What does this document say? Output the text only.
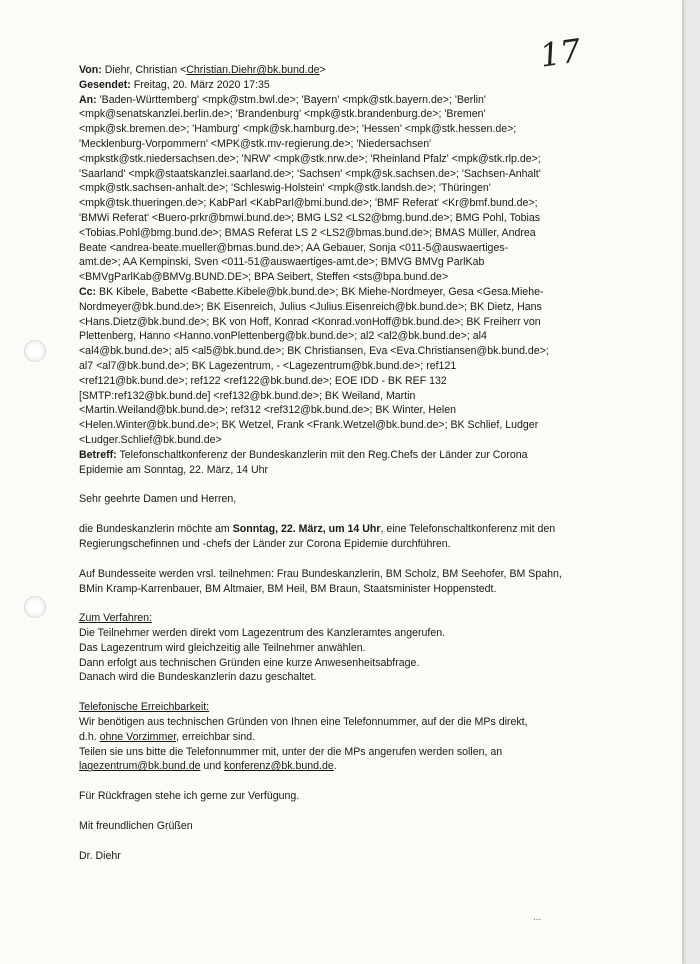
17
Von: Diehr, Christian <Christian.Diehr@bk.bund.de>
Gesendet: Freitag, 20. März 2020 17:35
An: 'Baden-Württemberg' <mpk@stm.bwl.de>; 'Bayern' <mpk@stk.bayern.de>; 'Berlin'
<mpk@senatskanzlei.berlin.de>; 'Brandenburg' <mpk@stk.brandenburg.de>; 'Bremen'
<mpk@sk.bremen.de>; 'Hamburg' <mpk@sk.hamburg.de>; 'Hessen' <mpk@stk.hessen.de>;
'Mecklenburg-Vorpommern' <MPK@stk.mv-regierung.de>; 'Niedersachsen'
<mpkstk@stk.niedersachsen.de>; 'NRW' <mpk@stk.nrw.de>; 'Rheinland Pfalz' <mpk@stk.rlp.de>;
'Saarland' <mpk@staatskanzlei.saarland.de>; 'Sachsen' <mpk@sk.sachsen.de>; 'Sachsen-Anhalt'
<mpk@stk.sachsen-anhalt.de>; 'Schleswig-Holstein' <mpk@stk.landsh.de>; 'Thüringen'
<mpk@tsk.thueringen.de>; KabParl <KabParl@bmi.bund.de>; 'BMF Referat' <Kr@bmf.bund.de>;
'BMWi Referat' <Buero-prkr@bmwi.bund.de>; BMG LS2 <LS2@bmg.bund.de>; BMG Pohl, Tobias
<Tobias.Pohl@bmg.bund.de>; BMAS Referat LS 2 <LS2@bmas.bund.de>; BMAS Müller, Andrea
Beate <andrea-beate.mueller@bmas.bund.de>; AA Gebauer, Sonja <011-5@auswaertiges-
amt.de>; AA Kempinski, Sven <011-51@auswaertiges-amt.de>; BMVG BMVg ParlKab
<BMVgParlKab@BMVg.BUND.DE>; BPA Seibert, Steffen <sts@bpa.bund.de>
Cc: BK Kibele, Babette <Babette.Kibele@bk.bund.de>; BK Miehe-Nordmeyer, Gesa <Gesa.Miehe-
Nordmeyer@bk.bund.de>; BK Eisenreich, Julius <Julius.Eisenreich@bk.bund.de>; BK Dietz, Hans
<Hans.Dietz@bk.bund.de>; BK von Hoff, Konrad <Konrad.vonHoff@bk.bund.de>; BK Freiherr von
Plettenberg, Hanno <Hanno.vonPlettenberg@bk.bund.de>; al2 <al2@bk.bund.de>; al4
<al4@bk.bund.de>; al5 <al5@bk.bund.de>; BK Christiansen, Eva <Eva.Christiansen@bk.bund.de>;
al7 <al7@bk.bund.de>; BK Lagezentrum, - <Lagezentrum@bk.bund.de>; ref121
<ref121@bk.bund.de>; ref122 <ref122@bk.bund.de>; EOE IDD - BK REF 132
[SMTP:ref132@bk.bund.de] <ref132@bk.bund.de>; BK Weiland, Martin
<Martin.Weiland@bk.bund.de>; ref312 <ref312@bk.bund.de>; BK Winter, Helen
<Helen.Winter@bk.bund.de>; BK Wetzel, Frank <Frank.Wetzel@bk.bund.de>; BK Schlief, Ludger
<Ludger.Schlief@bk.bund.de>
Betreff: Telefonschaltkonferenz der Bundeskanzlerin mit den Reg.Chefs der Länder zur Corona Epidemie am Sonntag, 22. März, 14 Uhr

Sehr geehrte Damen und Herren,

die Bundeskanzlerin möchte am Sonntag, 22. März, um 14 Uhr, eine Telefonschaltkonferenz mit den Regierungschefinnen und -chefs der Länder zur Corona Epidemie durchführen.

Auf Bundesseite werden vrsl. teilnehmen: Frau Bundeskanzlerin, BM Scholz, BM Seehofer, BM Spahn, BMin Kramp-Karrenbauer, BM Altmaier, BM Heil, BM Braun, Staatsminister Hoppenstedt.

Zum Verfahren:
Die Teilnehmer werden direkt vom Lagezentrum des Kanzleramtes angerufen.
Das Lagezentrum wird gleichzeitig alle Teilnehmer anwählen.
Dann erfolgt aus technischen Gründen eine kurze Anwesenheitsabfrage.
Danach wird die Bundeskanzlerin dazu geschaltet.

Telefonische Erreichbarkeit:
Wir benötigen aus technischen Gründen von Ihnen eine Telefonnummer, auf der die MPs direkt,
d.h. ohne Vorzimmer, erreichbar sind.
Teilen sie uns bitte die Telefonnummer mit, unter der die MPs angerufen werden sollen, an
lagezentrum@bk.bund.de und konferenz@bk.bund.de.

Für Rückfragen stehe ich gerne zur Verfügung.

Mit freundlichen Grüßen

Dr. Diehr

...
